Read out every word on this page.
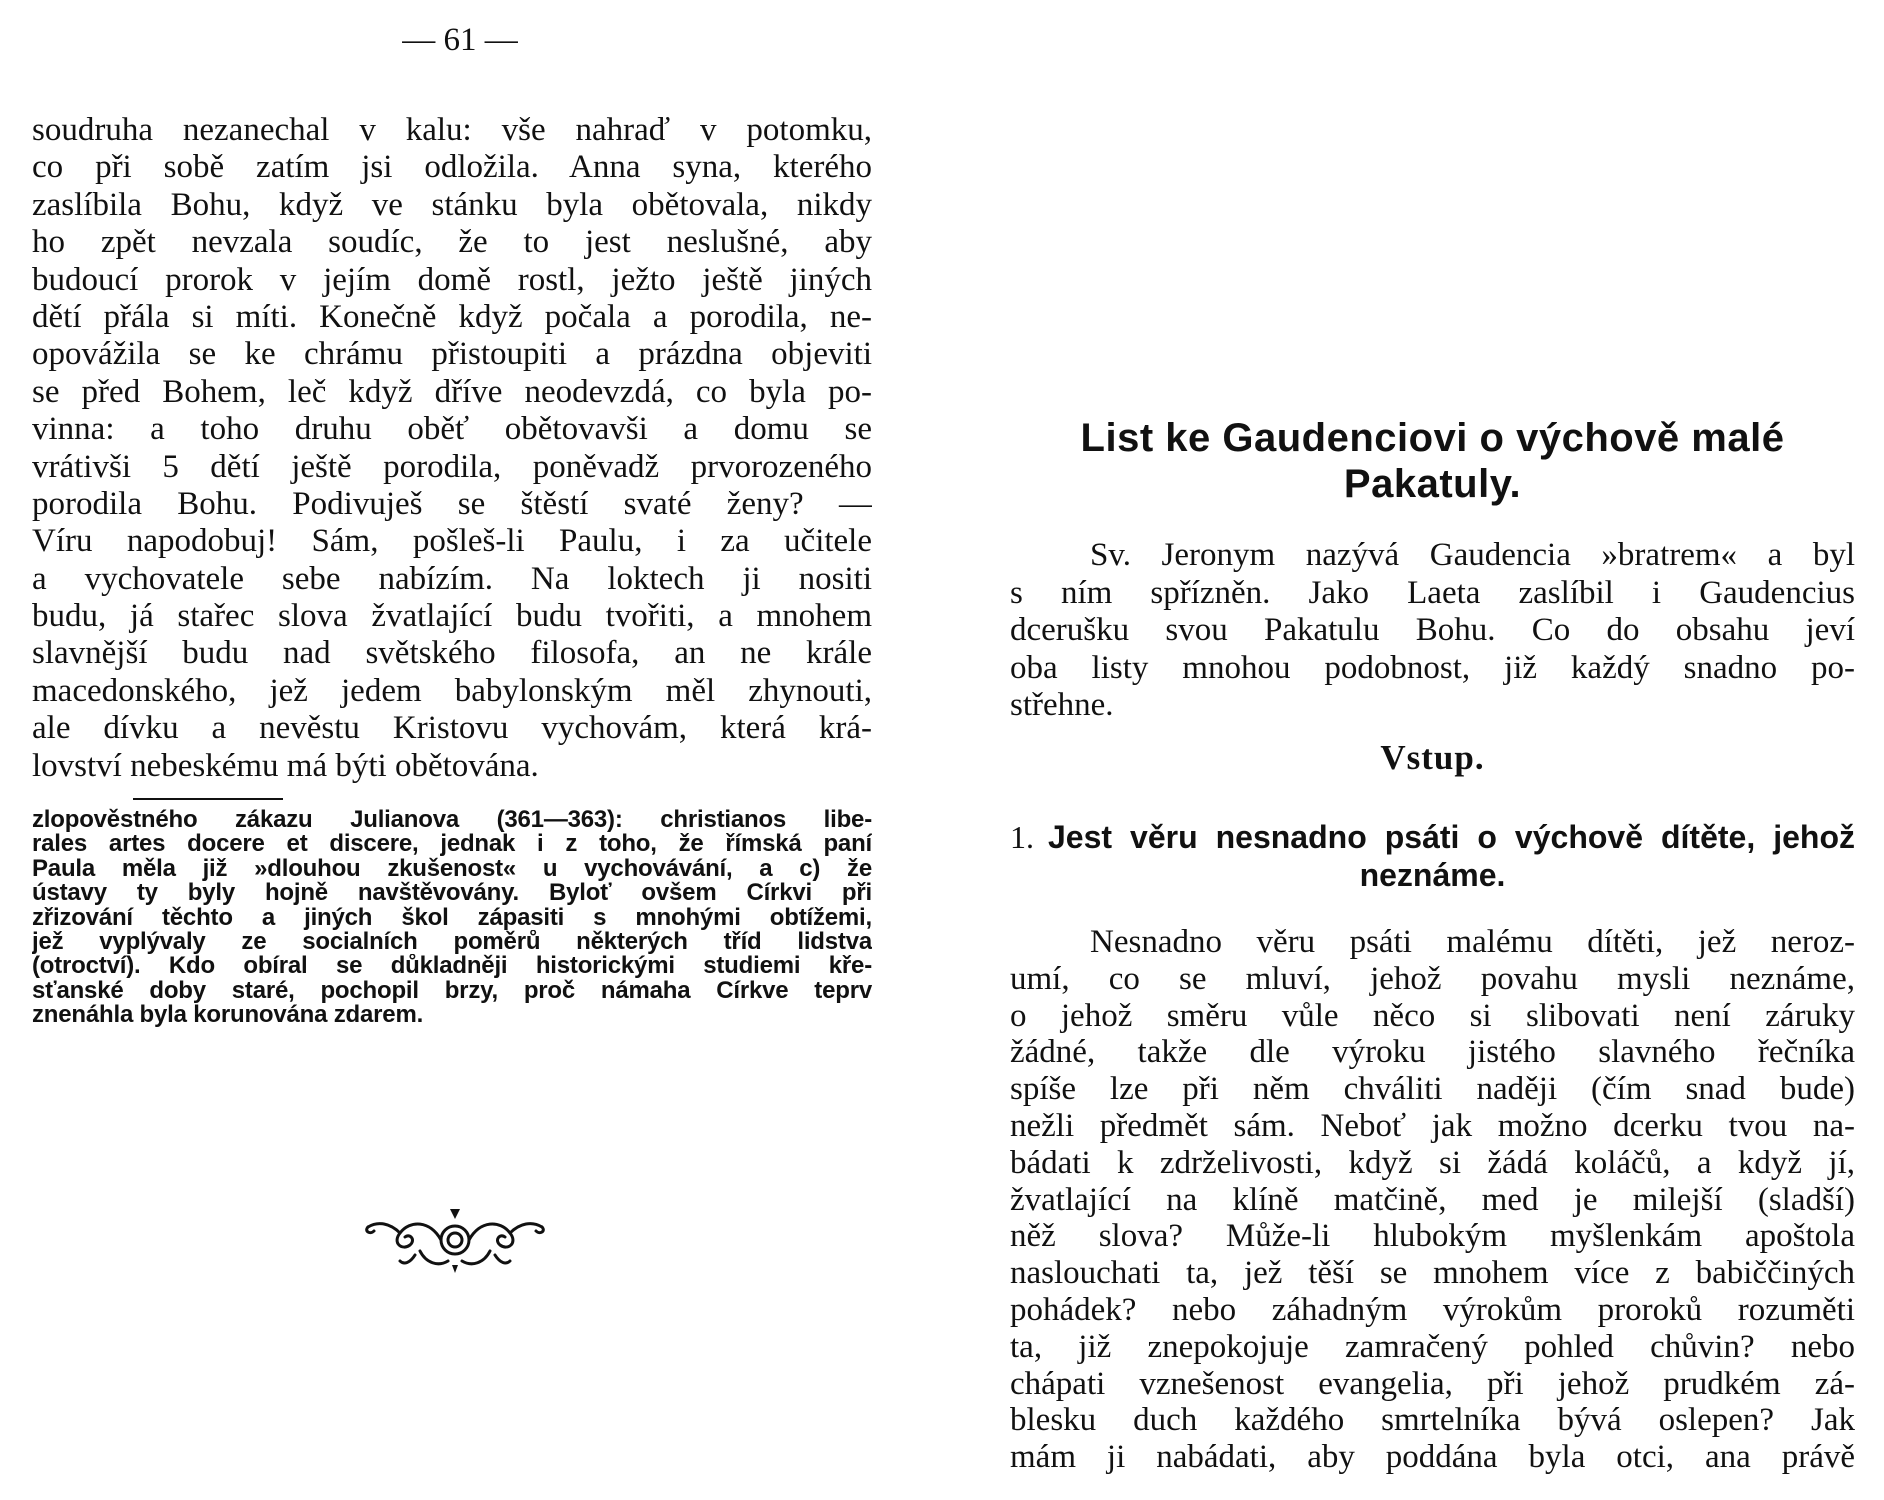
— 61 —
soudruha nezanechal v kalu: vše nahraď v potomku,
co při sobě zatím jsi odložila. Anna syna, kterého
zaslíbila Bohu, když ve stánku byla obětovala, nikdy
ho zpět nevzala soudíc, že to jest neslušné, aby
budoucí prorok v jejím domě rostl, ježto ještě jiných
dětí přála si míti. Konečně když počala a porodila, ne-
opovážila se ke chrámu přistoupiti a prázdna objeviti
se před Bohem, leč když dříve neodevzdá, co byla po-
vinna: a toho druhu oběť obětovavši a domu se
vrátivši 5 dětí ještě porodila, poněvadž prvorozeného
porodila Bohu. Podivuješ se štěstí svaté ženy? —
Víru napodobuj! Sám, pošleš-li Paulu, i za učitele
a vychovatele sebe nabízím. Na loktech ji nositi
budu, já stařec slova žvatlající budu tvořiti, a mnohem
slavnější budu nad světského filosofa, an ne krále
macedonského, jež jedem babylonským měl zhynouti,
ale dívku a nevěstu Kristovu vychovám, která krá-
lovství nebeskému má býti obětována.
zlopověstného zákazu Julianova (361—363): christianos libe-
rales artes docere et discere, jednak i z toho, že římská paní
Paula měla již »dlouhou zkušenost« u vychovávání, a c) že
ústavy ty byly hojně navštěvovány. Byloť ovšem Církvi při
zřizování těchto a jiných škol zápasiti s mnohými obtížemi,
jež vyplývaly ze socialních poměrů některých tříd lidstva
(otroctví). Kdo obíral se důkladněji historickými studiemi kře-
sťanské doby staré, pochopil brzy, proč námaha Církve teprv
znenáhla byla korunována zdarem.
List ke Gaudenciovi o výchově malé
Pakatuly.
Sv. Jeronym nazývá Gaudencia »bratrem« a byl
s ním spřízněn. Jako Laeta zaslíbil i Gaudencius
dcerušku svou Pakatulu Bohu. Co do obsahu jeví
oba listy mnohou podobnost, již každý snadno po-
střehne.
Vstup.
1. Jest věru nesnadno psáti o výchově dítěte, jehož
neznáme.
Nesnadno věru psáti malému dítěti, jež neroz-
umí, co se mluví, jehož povahu mysli neznáme,
o jehož směru vůle něco si slibovati není záruky
žádné, takže dle výroku jistého slavného řečníka
spíše lze při něm chváliti naději (čím snad bude)
nežli předmět sám. Neboť jak možno dcerku tvou na-
bádati k zdrželivosti, když si žádá koláčů, a když jí,
žvatlající na klíně matčině, med je milejší (sladší)
něž slova? Může-li hlubokým myšlenkám apoštola
naslouchati ta, jež těší se mnohem více z babiččiných
pohádek? nebo záhadným výrokům proroků rozuměti
ta, již znepokojuje zamračený pohled chůvin? nebo
chápati vznešenost evangelia, při jehož prudkém zá-
blesku duch každého smrtelníka bývá oslepen? Jak
mám ji nabádati, aby poddána byla otci, ana právě
